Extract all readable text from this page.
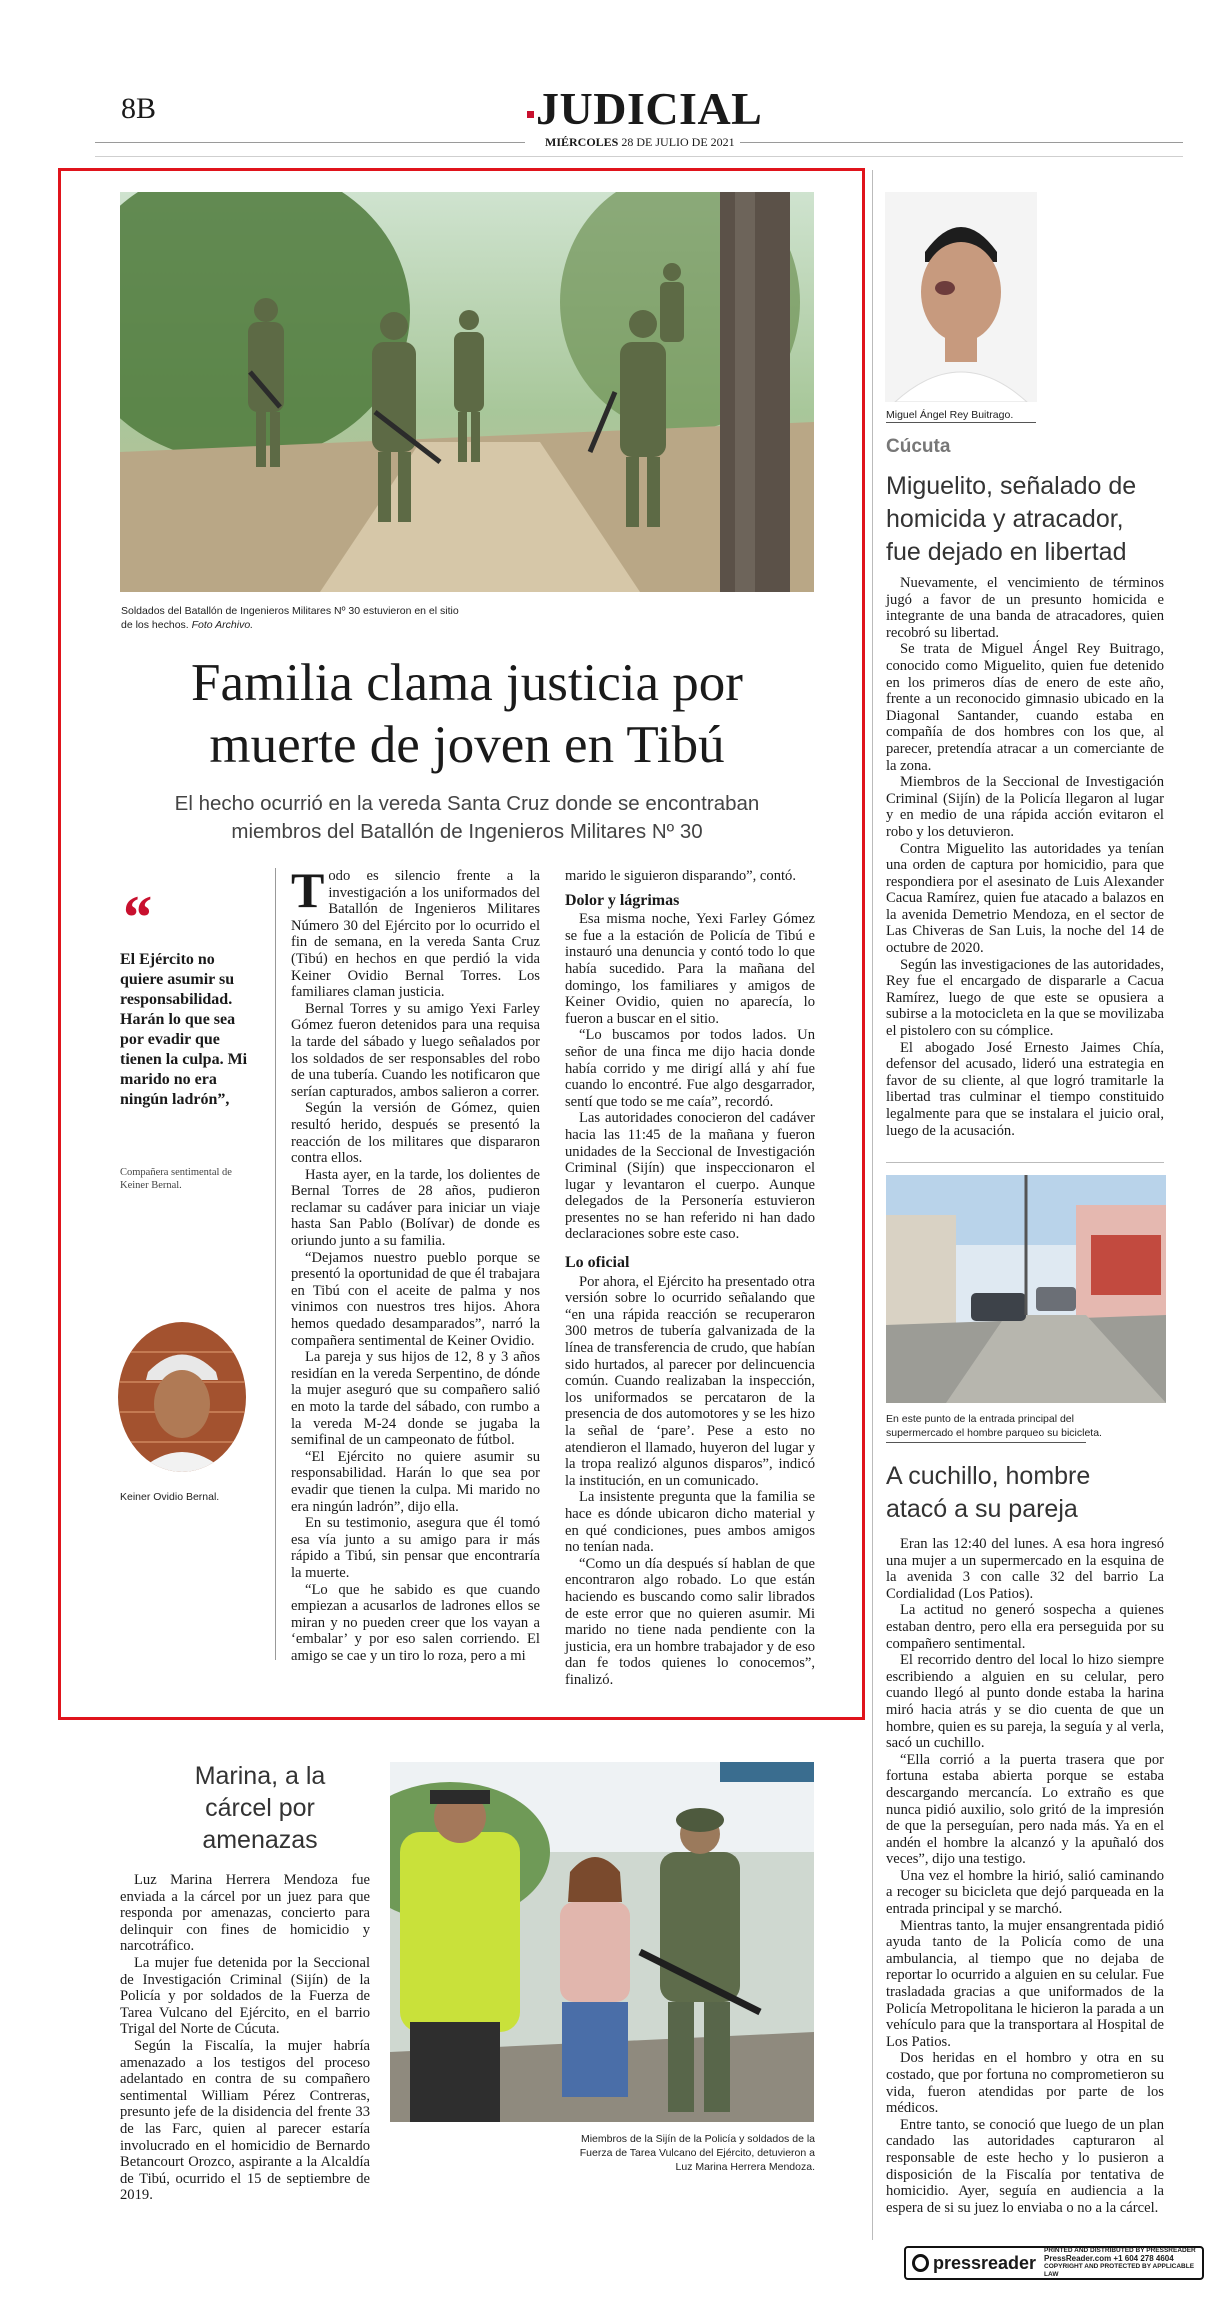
8B	JUDICIAL
MIÉRCOLES 28 DE JULIO DE 2021
Soldados del Batallón de Ingenieros Militares Nº 30 estuvieron en el sitio de los hechos. Foto Archivo.
Familia clama justicia por muerte de joven en Tibú
El hecho ocurrió en la vereda Santa Cruz donde se encontraban miembros del Batallón de Ingenieros Militares Nº 30
“
El Ejército no quiere asumir su responsabilidad. Harán lo que sea por evadir que tienen la culpa. Mi marido no era ningún ladrón”,
Compañera sentimental de Keiner Bernal.
Keiner Ovidio Bernal.

Todo es silencio frente a la investigación a los uniformados del Batallón de Ingenieros Militares Número 30 del Ejército por lo ocurrido el fin de semana, en la vereda Santa Cruz (Tibú) en hechos en que perdió la vida Keiner Ovidio Bernal Torres. Los familiares claman justicia.

Bernal Torres y su amigo Yexi Farley Gómez fueron detenidos para una requisa la tarde del sábado y luego señalados por los soldados de ser responsables del robo de una tubería. Cuando les notificaron que serían capturados, ambos salieron a correr.

Según la versión de Gómez, quien resultó herido, después se presentó la reacción de los militares que dispararon contra ellos.

Hasta ayer, en la tarde, los dolientes de Bernal Torres de 28 años, pudieron reclamar su cadáver para iniciar un viaje hasta San Pablo (Bolívar) de donde es oriundo junto a su familia.

“Dejamos nuestro pueblo porque se presentó la oportunidad de que él trabajara en Tibú con el aceite de palma y nos vinimos con nuestros tres hijos. Ahora hemos quedado desamparados”, narró la compañera sentimental de Keiner Ovidio.

La pareja y sus hijos de 12, 8 y 3 años residían en la vereda Serpentino, de dónde la mujer aseguró que su compañero salió en moto la tarde del sábado, con rumbo a la vereda M-24 donde se jugaba la semifinal de un campeonato de fútbol.

“El Ejército no quiere asumir su responsabilidad. Harán lo que sea por evadir que tienen la culpa. Mi marido no era ningún ladrón”, dijo ella.

En su testimonio, asegura que él tomó esa vía junto a su amigo para ir más rápido a Tibú, sin pensar que encontraría la muerte.

“Lo que he sabido es que cuando empiezan a acusarlos de ladrones ellos se miran y no pueden creer que los vayan a ‘embalar’ y por eso salen corriendo. El amigo se cae y un tiro lo roza, pero a mi

marido le siguieron disparando”, contó.

Dolor y lágrimas

Esa misma noche, Yexi Farley Gómez se fue a la estación de Policía de Tibú e instauró una denuncia y contó todo lo que había sucedido. Para la mañana del domingo, los familiares y amigos de Keiner Ovidio, quien no aparecía, lo fueron a buscar en el sitio.

“Lo buscamos por todos lados. Un señor de una finca me dijo hacia donde había corrido y me dirigí allá y ahí fue cuando lo encontré. Fue algo desgarrador, sentí que todo se me caía”, recordó.

Las autoridades conocieron del cadáver hacia las 11:45 de la mañana y fueron unidades de la Seccional de Investigación Criminal (Sijín) que inspeccionaron el lugar y levantaron el cuerpo. Aunque delegados de la Personería estuvieron presentes no se han referido ni han dado declaraciones sobre este caso.

Lo oficial

Por ahora, el Ejército ha presentado otra versión sobre lo ocurrido señalando que “en una rápida reacción se recuperaron 300 metros de tubería galvanizada de la línea de transferencia de crudo, que habían sido hurtados, al parecer por delincuencia común. Cuando realizaban la inspección, los uniformados se percataron de la presencia de dos automotores y se les hizo la señal de ‘pare’. Pese a esto no atendieron el llamado, huyeron del lugar y la tropa realizó algunos disparos”, indicó la institución, en un comunicado.

La insistente pregunta que la familia se hace es dónde ubicaron dicho material y en qué condiciones, pues ambos amigos no tenían nada.

“Como un día después sí hablan de que encontraron algo robado. Lo que están haciendo es buscando como salir librados de este error que no quieren asumir. Mi marido no tiene nada pendiente con la justicia, era un hombre trabajador y de eso dan fe todos quienes lo conocemos”, finalizó.

Miguel Ángel Rey Buitrago.
Cúcuta
Miguelito, señalado de homicida y atracador, fue dejado en libertad

Nuevamente, el vencimiento de términos jugó a favor de un presunto homicida e integrante de una banda de atracadores, quien recobró su libertad.

Se trata de Miguel Ángel Rey Buitrago, conocido como Miguelito, quien fue detenido en los primeros días de enero de este año, frente a un reconocido gimnasio ubicado en la Diagonal Santander, cuando estaba en compañía de dos hombres con los que, al parecer, pretendía atracar a un comerciante de la zona.

Miembros de la Seccional de Investigación Criminal (Sijín) de la Policía llegaron al lugar y en medio de una rápida acción evitaron el robo y los detuvieron.

Contra Miguelito las autoridades ya tenían una orden de captura por homicidio, para que respondiera por el asesinato de Luis Alexander Cacua Ramírez, quien fue atacado a balazos en la avenida Demetrio Mendoza, en el sector de Las Chiveras de San Luis, la noche del 14 de octubre de 2020.

Según las investigaciones de las autoridades, Rey fue el encargado de dispararle a Cacua Ramírez, luego de que este se opusiera a subirse a la motocicleta en la que se movilizaba el pistolero con su cómplice.

El abogado José Ernesto Jaimes Chía, defensor del acusado, lideró una estrategia en favor de su cliente, al que logró tramitarle la libertad tras culminar el tiempo constituido legalmente para que se instalara el juicio oral, luego de la acusación.

En este punto de la entrada principal del supermercado el hombre parqueo su bicicleta.
A cuchillo, hombre atacó a su pareja

Eran las 12:40 del lunes. A esa hora ingresó una mujer a un supermercado en la esquina de la avenida 3 con calle 32 del barrio La Cordialidad (Los Patios).

La actitud no generó sospecha a quienes estaban dentro, pero ella era perseguida por su compañero sentimental.

El recorrido dentro del local lo hizo siempre escribiendo a alguien en su celular, pero cuando llegó al punto donde estaba la harina miró hacia atrás y se dio cuenta de que un hombre, quien es su pareja, la seguía y al verla, sacó un cuchillo.

“Ella corrió a la puerta trasera que por fortuna estaba abierta porque se estaba descargando mercancía. Lo extraño es que nunca pidió auxilio, solo gritó de la impresión de que la perseguían, pero nada más. Ya en el andén el hombre la alcanzó y la apuñaló dos veces”, dijo una testigo.

Una vez el hombre la hirió, salió caminando a recoger su bicicleta que dejó parqueada en la entrada principal y se marchó.

Mientras tanto, la mujer ensangrentada pidió ayuda tanto de la Policía como de una ambulancia, al tiempo que no dejaba de reportar lo ocurrido a alguien en su celular. Fue trasladada gracias a que uniformados de la Policía Metropolitana le hicieron la parada a un vehículo para que la transportara al Hospital de Los Patios.

Dos heridas en el hombro y otra en su costado, que por fortuna no comprometieron su vida, fueron atendidas por parte de los médicos.

Entre tanto, se conoció que luego de un plan candado las autoridades capturaron al responsable de este hecho y lo pusieron a disposición de la Fiscalía por tentativa de homicidio. Ayer, seguía en audiencia a la espera de si su juez lo enviaba o no a la cárcel.

Marina, a la cárcel por amenazas

Luz Marina Herrera Mendoza fue enviada a la cárcel por un juez para que responda por amenazas, concierto para delinquir con fines de homicidio y narcotráfico.

La mujer fue detenida por la Seccional de Investigación Criminal (Sijín) de la Policía y por soldados de la Fuerza de Tarea Vulcano del Ejército, en el barrio Trigal del Norte de Cúcuta.

Según la Fiscalía, la mujer habría amenazado a los testigos del proceso adelantado en contra de su compañero sentimental William Pérez Contreras, presunto jefe de la disidencia del frente 33 de las Farc, quien al parecer estaría involucrado en el homicidio de Bernardo Betancourt Orozco, aspirante a la Alcaldía de Tibú, ocurrido el 15 de septiembre de 2019.

Miembros de la Sijín de la Policía y soldados de la Fuerza de Tarea Vulcano del Ejército, detuvieron a Luz Marina Herrera Mendoza.
pressreader
PRINTED AND DISTRIBUTED BY PRESSREADER
PressReader.com +1 604 278 4604
COPYRIGHT AND PROTECTED BY APPLICABLE LAW
